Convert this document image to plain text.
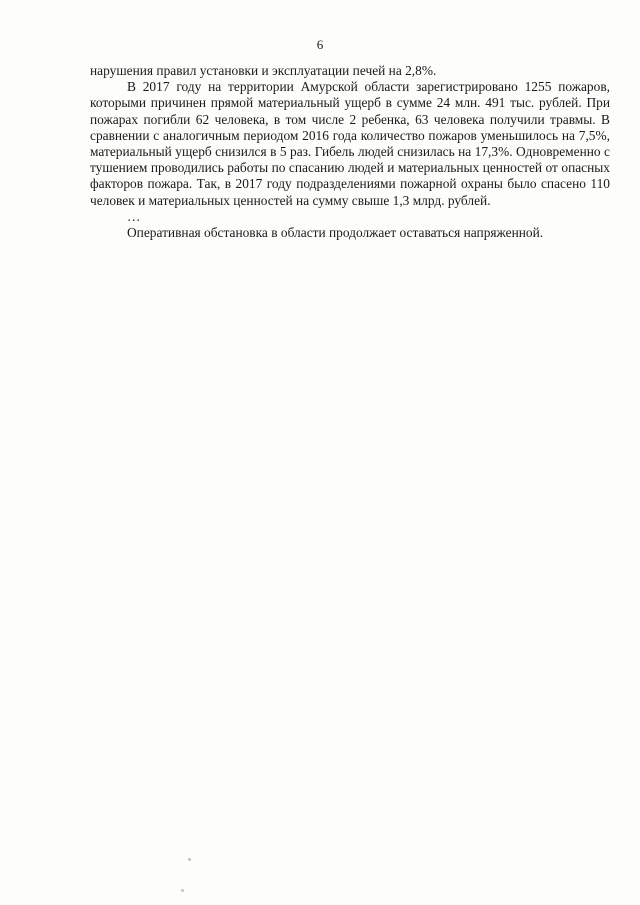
6

нарушения правил установки и эксплуатации печей на 2,8%.

В 2017 году на территории Амурской области зарегистрировано 1255 пожаров, которыми причинен прямой материальный ущерб в сумме 24 млн. 491 тыс. рублей. При пожарах погибли 62 человека, в том числе 2 ребенка, 63 человека получили травмы. В сравнении с аналогичным периодом 2016 года количество пожаров уменьшилось на 7,5%, материальный ущерб снизился в 5 раз. Гибель людей снизилась на 17,3%. Одновременно с тушением проводились работы по спасанию людей и материальных ценностей от опасных факторов пожара. Так, в 2017 году подразделениями пожарной охраны было спасено 110 человек и материальных ценностей на сумму свыше 1,3 млрд. рублей.

…

Оперативная обстановка в области продолжает оставаться напряженной.
